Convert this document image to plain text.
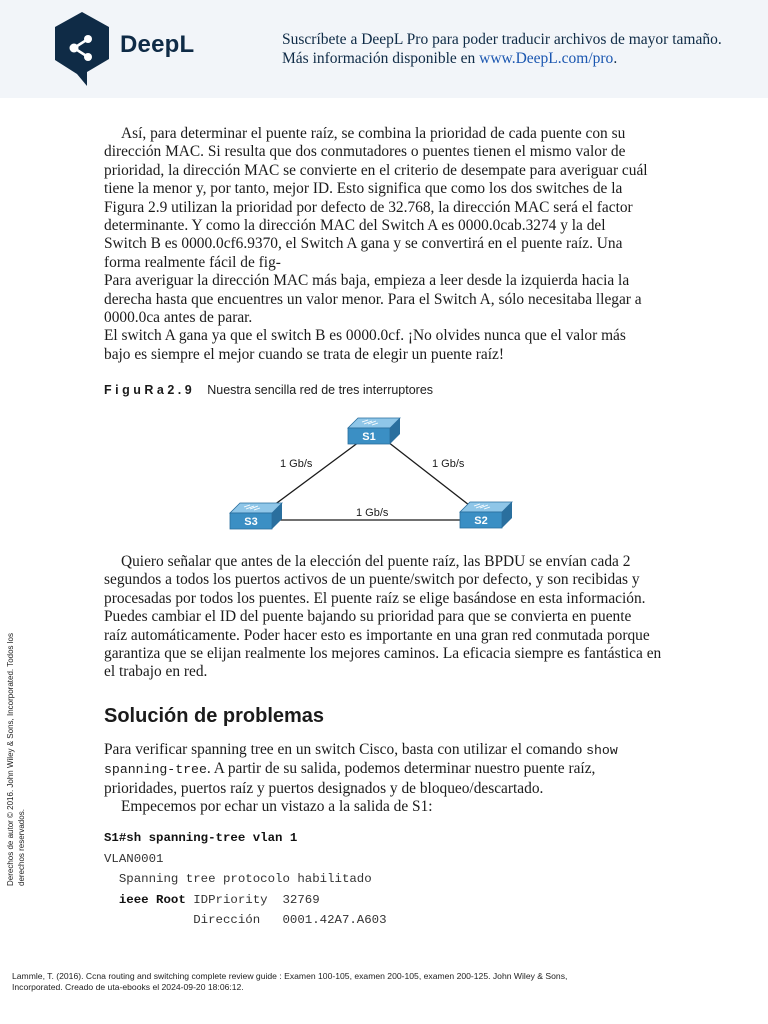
DeepL	Suscríbete a DeepL Pro para poder traducir archivos de mayor tamaño.
Más información disponible en www.DeepL.com/pro.
Así, para determinar el puente raíz, se combina la prioridad de cada puente con su
dirección MAC. Si resulta que dos conmutadores o puentes tienen el mismo valor de
prioridad, la dirección MAC se convierte en el criterio de desempate para averiguar cuál
tiene la menor y, por tanto, mejor ID. Esto significa que como los dos switches de la
Figura 2.9 utilizan la prioridad por defecto de 32.768, la dirección MAC será el factor
determinante. Y como la dirección MAC del Switch A es 0000.0cab.3274 y la del
Switch B es 0000.0cf6.9370, el Switch A gana y se convertirá en el puente raíz. Una
forma realmente fácil de fig-
Para averiguar la dirección MAC más baja, empieza a leer desde la izquierda hacia la
derecha hasta que encuentres un valor menor. Para el Switch A, sólo necesitaba llegar a
0000.0ca antes de parar.
El switch A gana ya que el switch B es 0000.0cf. ¡No olvides nunca que el valor más
bajo es siempre el mejor cuando se trata de elegir un puente raíz!
FiguRa2.9 Nuestra sencilla red de tres interruptores
1 Gb/s	1 Gb/s
1 Gb/s
S1
S2
S3
Quiero señalar que antes de la elección del puente raíz, las BPDU se envían cada 2
segundos a todos los puertos activos de un puente/switch por defecto, y son recibidas y
procesadas por todos los puentes. El puente raíz se elige basándose en esta información.
Puedes cambiar el ID del puente bajando su prioridad para que se convierta en puente
raíz automáticamente. Poder hacer esto es importante en una gran red conmutada porque
garantiza que se elijan realmente los mejores caminos. La eficacia siempre es fantástica en
el trabajo en red.
Solución de problemas
Para verificar spanning tree en un switch Cisco, basta con utilizar el comando show
spanning-tree. A partir de su salida, podemos determinar nuestro puente raíz,
prioridades, puertos raíz y puertos designados y de bloqueo/descartado.
Empecemos por echar un vistazo a la salida de S1:
S1#sh spanning-tree vlan 1
VLAN0001
Spanning tree protocolo habilitado
ieee Root IDPriority  32769
Dirección   0001.42A7.A603
Derechos de autor © 2016. John Wiley & Sons, Incorporated. Todos los derechos reservados.
Lammle, T. (2016). Ccna routing and switching complete review guide : Examen 100-105, examen 200-105, examen 200-125. John Wiley & Sons,
Incorporated. Creado de uta-ebooks el 2024-09-20 18:06:12.
